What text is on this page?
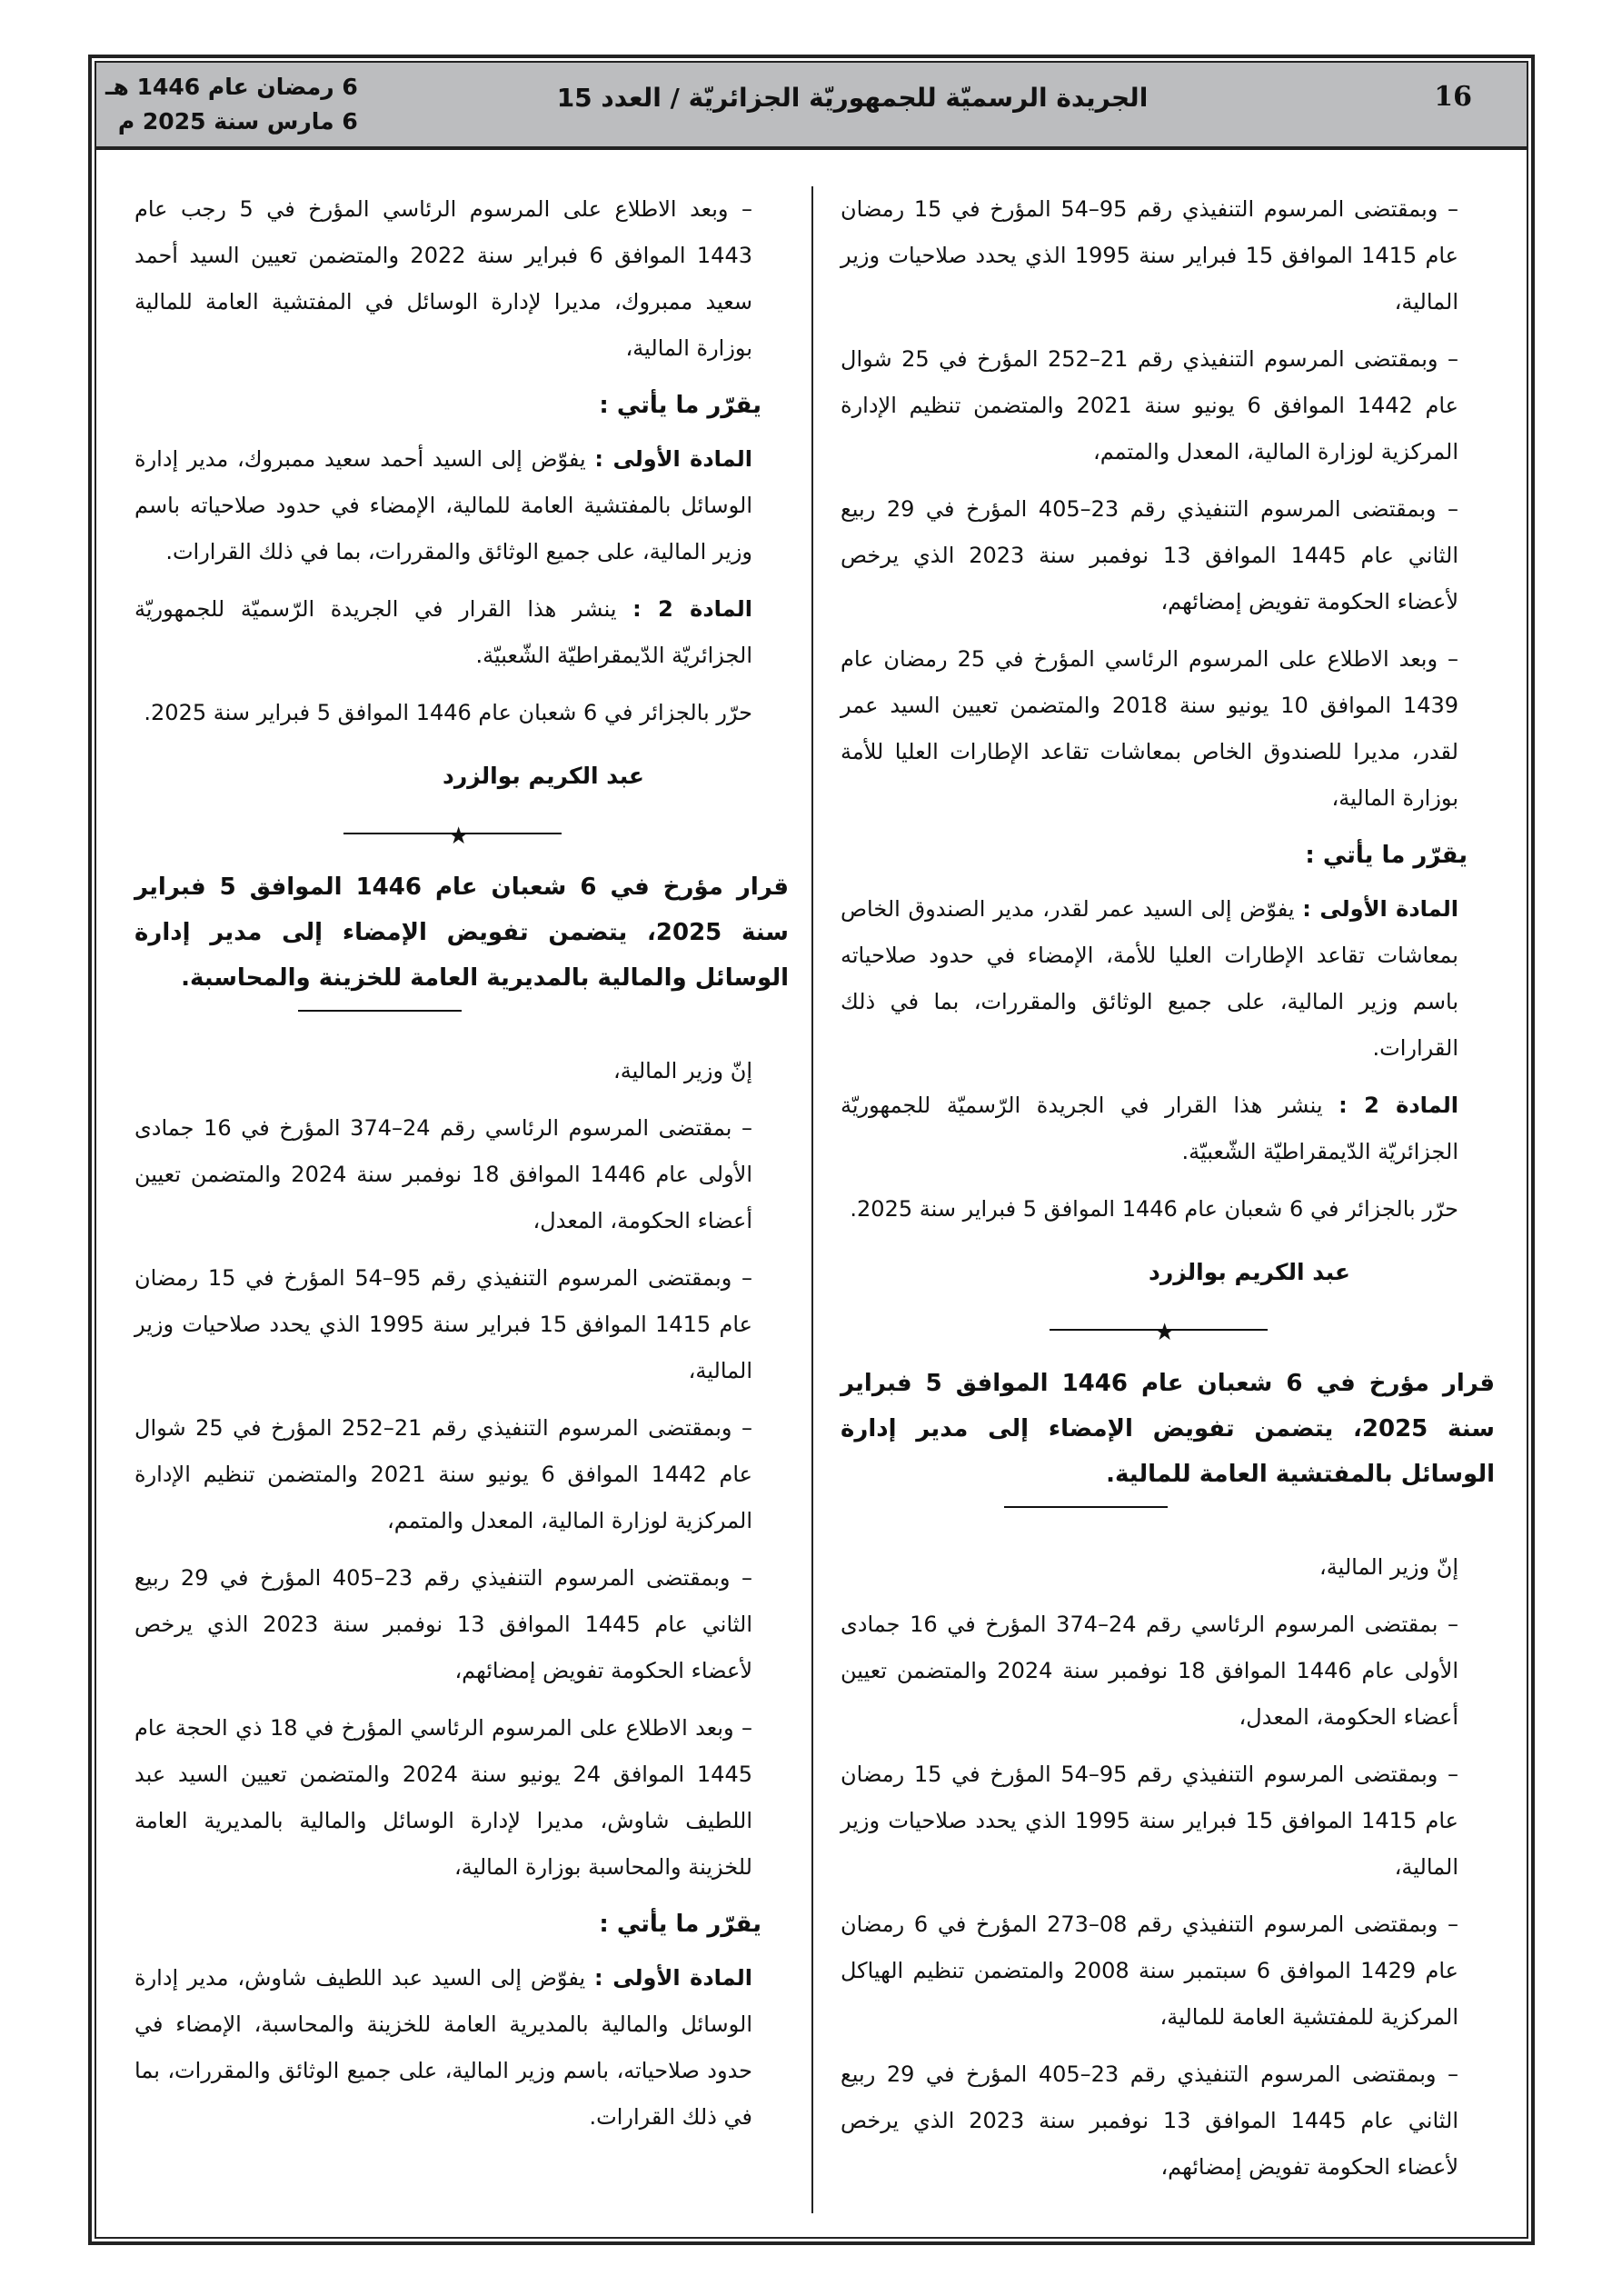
16
الجريدة الرسميّة للجمهوريّة الجزائريّة / العدد 15
6 رمضان عام 1446 هـ
6 مارس سنة 2025 م

– وبمقتضى المرسوم التنفيذي رقم 95–54 المؤرخ في 15 رمضان عام 1415 الموافق 15 فبراير سنة 1995 الذي يحدد صلاحيات وزير المالية،

– وبمقتضى المرسوم التنفيذي رقم 21–252 المؤرخ في 25 شوال عام 1442 الموافق 6 يونيو سنة 2021 والمتضمن تنظيم الإدارة المركزية لوزارة المالية، المعدل والمتمم،

– وبمقتضى المرسوم التنفيذي رقم 23–405 المؤرخ في 29 ربيع الثاني عام 1445 الموافق 13 نوفمبر سنة 2023 الذي يرخص لأعضاء الحكومة تفويض إمضائهم،

– وبعد الاطلاع على المرسوم الرئاسي المؤرخ في 25 رمضان عام 1439 الموافق 10 يونيو سنة 2018 والمتضمن تعيين السيد عمر لقدر، مديرا للصندوق الخاص بمعاشات تقاعد الإطارات العليا للأمة بوزارة المالية،

يقرّر ما يأتي :

المادة الأولى : يفوّض إلى السيد عمر لقدر، مدير الصندوق الخاص بمعاشات تقاعد الإطارات العليا للأمة، الإمضاء في حدود صلاحياته باسم وزير المالية، على جميع الوثائق والمقررات، بما في ذلك القرارات.

المادة 2 : ينشر هذا القرار في الجريدة الرّسميّة للجمهوريّة الجزائريّة الدّيمقراطيّة الشّعبيّة.

حرّر بالجزائر في 6 شعبان عام 1446 الموافق 5 فبراير سنة 2025.

عبد الكريم بوالزرد

★

قرار مؤرخ في 6 شعبان عام 1446 الموافق 5 فبراير سنة 2025، يتضمن تفويض الإمضاء إلى مدير إدارة الوسائل بالمفتشية العامة للمالية.

إنّ وزير المالية،

– بمقتضى المرسوم الرئاسي رقم 24–374 المؤرخ في 16 جمادى الأولى عام 1446 الموافق 18 نوفمبر سنة 2024 والمتضمن تعيين أعضاء الحكومة، المعدل،

– وبمقتضى المرسوم التنفيذي رقم 95–54 المؤرخ في 15 رمضان عام 1415 الموافق 15 فبراير سنة 1995 الذي يحدد صلاحيات وزير المالية،

– وبمقتضى المرسوم التنفيذي رقم 08–273 المؤرخ في 6 رمضان عام 1429 الموافق 6 سبتمبر سنة 2008 والمتضمن تنظيم الهياكل المركزية للمفتشية العامة للمالية،

– وبمقتضى المرسوم التنفيذي رقم 23–405 المؤرخ في 29 ربيع الثاني عام 1445 الموافق 13 نوفمبر سنة 2023 الذي يرخص لأعضاء الحكومة تفويض إمضائهم،

– وبعد الاطلاع على المرسوم الرئاسي المؤرخ في 5 رجب عام 1443 الموافق 6 فبراير سنة 2022 والمتضمن تعيين السيد أحمد سعيد ممبروك، مديرا لإدارة الوسائل في المفتشية العامة للمالية بوزارة المالية،

يقرّر ما يأتي :

المادة الأولى : يفوّض إلى السيد أحمد سعيد ممبروك، مدير إدارة الوسائل بالمفتشية العامة للمالية، الإمضاء في حدود صلاحياته باسم وزير المالية، على جميع الوثائق والمقررات، بما في ذلك القرارات.

المادة 2 : ينشر هذا القرار في الجريدة الرّسميّة للجمهوريّة الجزائريّة الدّيمقراطيّة الشّعبيّة.

حرّر بالجزائر في 6 شعبان عام 1446 الموافق 5 فبراير سنة 2025.

عبد الكريم بوالزرد

★

قرار مؤرخ في 6 شعبان عام 1446 الموافق 5 فبراير سنة 2025، يتضمن تفويض الإمضاء إلى مدير إدارة الوسائل والمالية بالمديرية العامة للخزينة والمحاسبة.

إنّ وزير المالية،

– بمقتضى المرسوم الرئاسي رقم 24–374 المؤرخ في 16 جمادى الأولى عام 1446 الموافق 18 نوفمبر سنة 2024 والمتضمن تعيين أعضاء الحكومة، المعدل،

– وبمقتضى المرسوم التنفيذي رقم 95–54 المؤرخ في 15 رمضان عام 1415 الموافق 15 فبراير سنة 1995 الذي يحدد صلاحيات وزير المالية،

– وبمقتضى المرسوم التنفيذي رقم 21–252 المؤرخ في 25 شوال عام 1442 الموافق 6 يونيو سنة 2021 والمتضمن تنظيم الإدارة المركزية لوزارة المالية، المعدل والمتمم،

– وبمقتضى المرسوم التنفيذي رقم 23–405 المؤرخ في 29 ربيع الثاني عام 1445 الموافق 13 نوفمبر سنة 2023 الذي يرخص لأعضاء الحكومة تفويض إمضائهم،

– وبعد الاطلاع على المرسوم الرئاسي المؤرخ في 18 ذي الحجة عام 1445 الموافق 24 يونيو سنة 2024 والمتضمن تعيين السيد عبد اللطيف شاوش، مديرا لإدارة الوسائل والمالية بالمديرية العامة للخزينة والمحاسبة بوزارة المالية،

يقرّر ما يأتي :

المادة الأولى : يفوّض إلى السيد عبد اللطيف شاوش، مدير إدارة الوسائل والمالية بالمديرية العامة للخزينة والمحاسبة، الإمضاء في حدود صلاحياته، باسم وزير المالية، على جميع الوثائق والمقررات، بما في ذلك القرارات.
